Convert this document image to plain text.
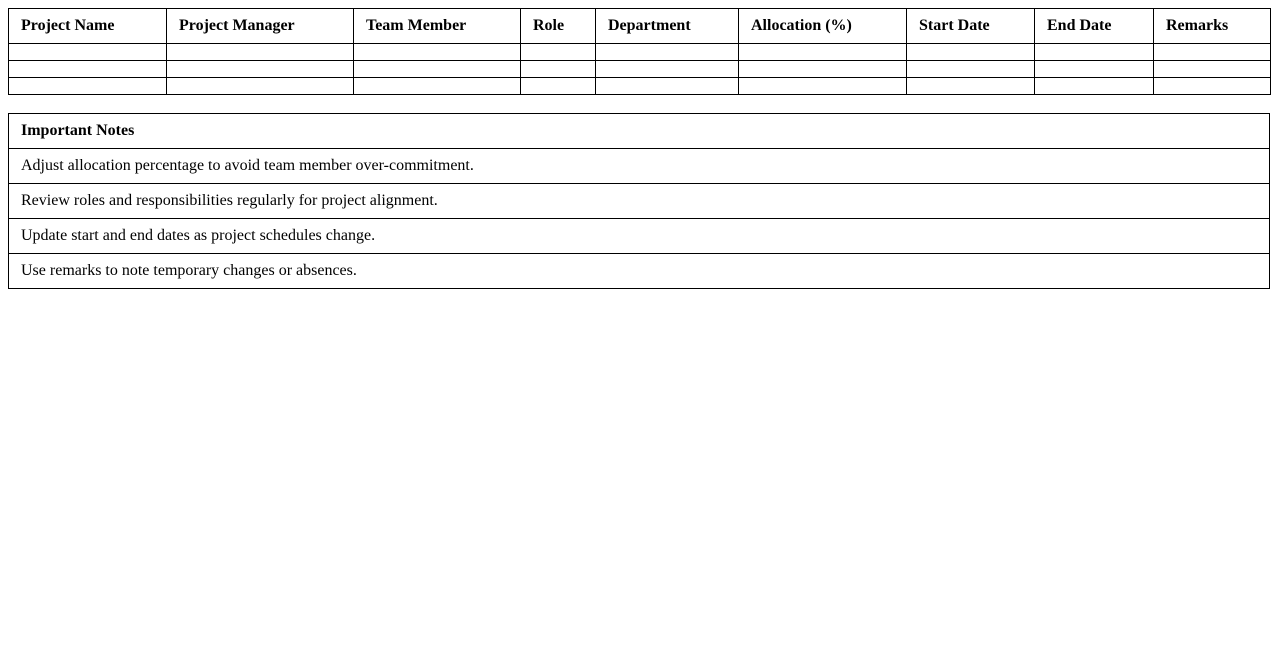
Project Name	Project Manager	Team Member	Role	Department	Allocation (%)	Start Date	End Date	Remarks

Important Notes
Adjust allocation percentage to avoid team member over-commitment.
Review roles and responsibilities regularly for project alignment.
Update start and end dates as project schedules change.
Use remarks to note temporary changes or absences.
